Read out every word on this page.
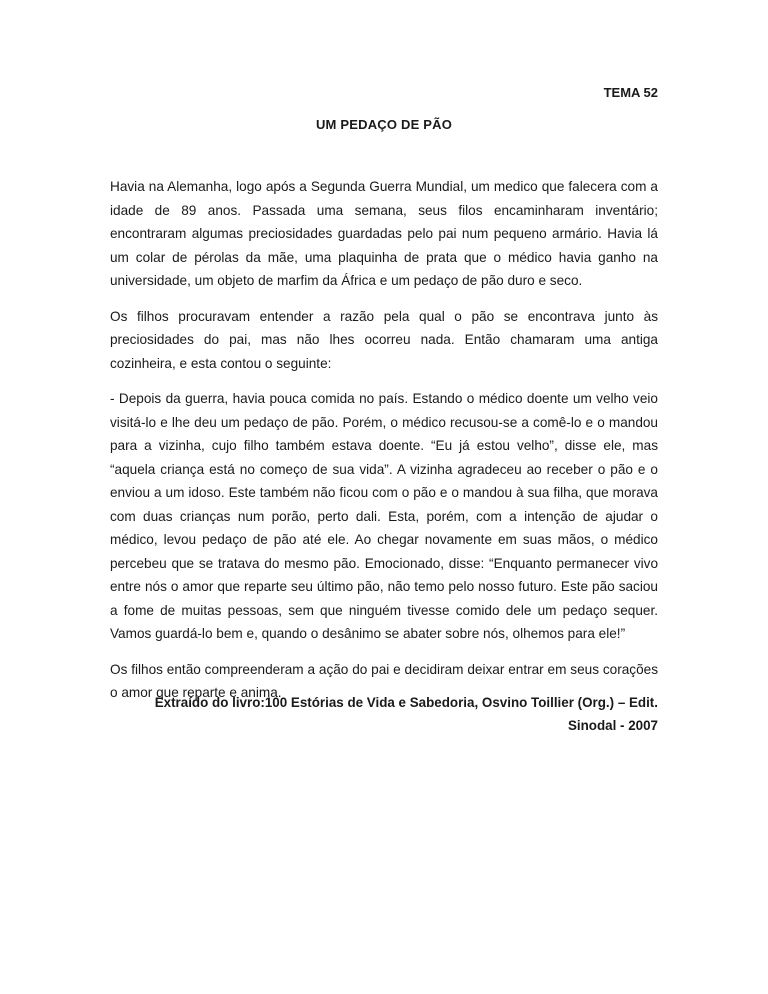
TEMA 52
UM PEDAÇO DE PÃO

Havia na Alemanha, logo após a Segunda Guerra Mundial, um medico que falecera com a idade de 89 anos. Passada uma semana, seus filos encaminharam inventário; encontraram algumas preciosidades guardadas pelo pai num pequeno armário. Havia lá um colar de pérolas da mãe, uma plaquinha de prata que o médico havia ganho na universidade, um objeto de marfim da África e um pedaço de pão duro e seco.

Os filhos procuravam entender a razão pela qual o pão se encontrava junto às preciosidades do pai, mas não lhes ocorreu nada. Então chamaram uma antiga cozinheira, e esta contou o seguinte:

- Depois da guerra, havia pouca comida no país. Estando o médico doente um velho veio visitá-lo e lhe deu um pedaço de pão. Porém, o médico recusou-se a comê-lo e o mandou para a vizinha, cujo filho também estava doente. “Eu já estou velho”, disse ele, mas “aquela criança está no começo de sua vida”. A vizinha agradeceu ao receber o pão e o enviou a um idoso. Este também não ficou com o pão e o mandou à sua filha, que morava com duas crianças num porão, perto dali. Esta, porém, com a intenção de ajudar o médico, levou pedaço de pão até ele. Ao chegar novamente em suas mãos, o médico percebeu que se tratava do mesmo pão. Emocionado, disse: “Enquanto permanecer vivo entre nós o amor que reparte seu último pão, não temo pelo nosso futuro. Este pão saciou a fome de muitas pessoas, sem que ninguém tivesse comido dele um pedaço sequer. Vamos guardá-lo bem e, quando o desânimo se abater sobre nós, olhemos para ele!”

Os filhos então compreenderam a ação do pai e decidiram deixar entrar em seus corações o amor que reparte e anima.

Extraído do livro:100 Estórias de Vida e Sabedoria, Osvino Toillier (Org.) – Edit.
Sinodal - 2007
